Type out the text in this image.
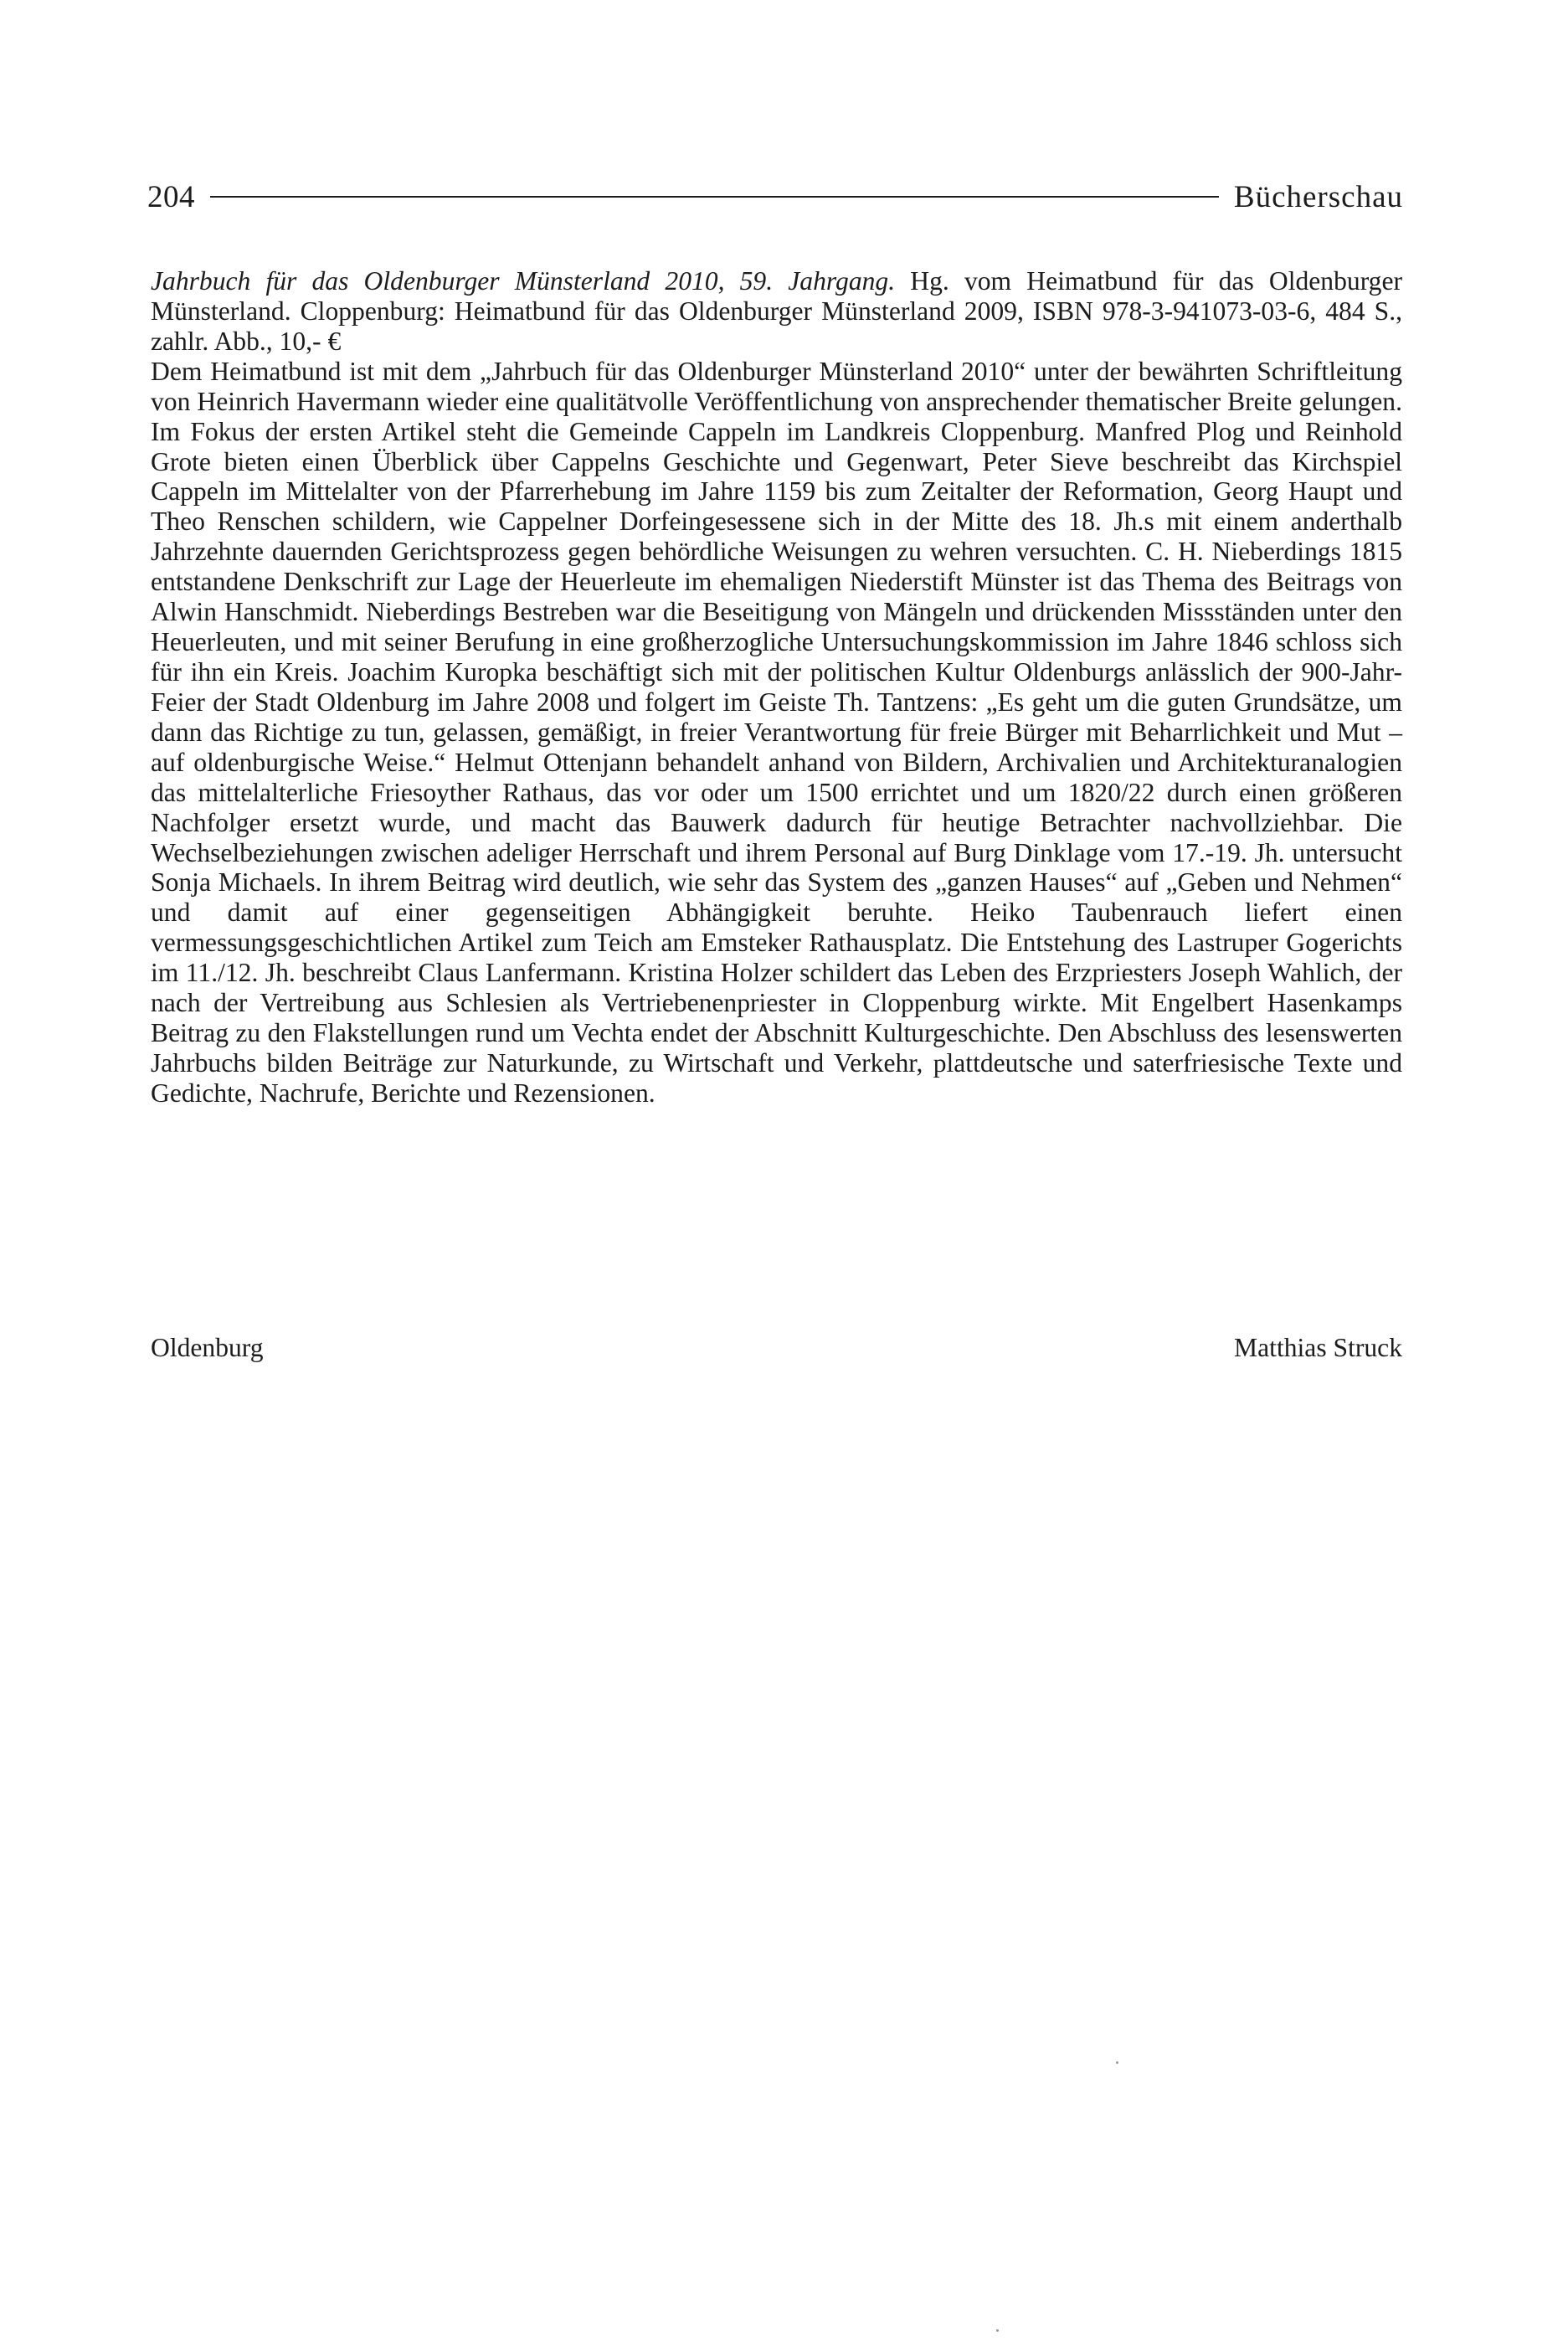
204	Bücherschau

Jahrbuch für das Oldenburger Münsterland 2010, 59. Jahrgang. Hg. vom Heimatbund für das Oldenburger Münsterland. Cloppenburg: Heimatbund für das Oldenburger Münsterland 2009, ISBN 978-3-941073-03-6, 484 S., zahlr. Abb., 10,- €

Dem Heimatbund ist mit dem „Jahrbuch für das Oldenburger Münsterland 2010“ unter der bewährten Schriftleitung von Heinrich Havermann wieder eine qualitätvolle Veröffentlichung von ansprechender thematischer Breite gelungen. Im Fokus der ersten Artikel steht die Gemeinde Cappeln im Landkreis Cloppenburg. Manfred Plog und Reinhold Grote bieten einen Überblick über Cappelns Geschichte und Gegenwart, Peter Sieve beschreibt das Kirchspiel Cappeln im Mittelalter von der Pfarrerhebung im Jahre 1159 bis zum Zeitalter der Reformation, Georg Haupt und Theo Renschen schildern, wie Cappelner Dorfeingesessene sich in der Mitte des 18. Jh.s mit einem anderthalb Jahrzehnte dauernden Gerichtsprozess gegen behördliche Weisungen zu wehren versuchten. C. H. Nieberdings 1815 entstandene Denkschrift zur Lage der Heuerleute im ehemaligen Niederstift Münster ist das Thema des Beitrags von Alwin Hanschmidt. Nieberdings Bestreben war die Beseitigung von Mängeln und drückenden Missständen unter den Heuerleuten, und mit seiner Berufung in eine großherzogliche Untersuchungskommission im Jahre 1846 schloss sich für ihn ein Kreis. Joachim Kuropka beschäftigt sich mit der politischen Kultur Oldenburgs anlässlich der 900-Jahr-Feier der Stadt Oldenburg im Jahre 2008 und folgert im Geiste Th. Tantzens: „Es geht um die guten Grundsätze, um dann das Richtige zu tun, gelassen, gemäßigt, in freier Verantwortung für freie Bürger mit Beharrlichkeit und Mut – auf oldenburgische Weise.“ Helmut Ottenjann behandelt anhand von Bildern, Archivalien und Architekturanalogien das mittelalterliche Friesoyther Rathaus, das vor oder um 1500 errichtet und um 1820/22 durch einen größeren Nachfolger ersetzt wurde, und macht das Bauwerk dadurch für heutige Betrachter nachvollziehbar. Die Wechselbeziehungen zwischen adeliger Herrschaft und ihrem Personal auf Burg Dinklage vom 17.-19. Jh. untersucht Sonja Michaels. In ihrem Beitrag wird deutlich, wie sehr das System des „ganzen Hauses“ auf „Geben und Nehmen“ und damit auf einer gegenseitigen Abhängigkeit beruhte. Heiko Taubenrauch liefert einen vermessungsgeschichtlichen Artikel zum Teich am Emsteker Rathausplatz. Die Entstehung des Lastruper Gogerichts im 11./12. Jh. beschreibt Claus Lanfermann. Kristina Holzer schildert das Leben des Erzpriesters Joseph Wahlich, der nach der Vertreibung aus Schlesien als Vertriebenenpriester in Cloppenburg wirkte. Mit Engelbert Hasenkamps Beitrag zu den Flakstellungen rund um Vechta endet der Abschnitt Kulturgeschichte. Den Abschluss des lesenswerten Jahrbuchs bilden Beiträge zur Naturkunde, zu Wirtschaft und Verkehr, plattdeutsche und saterfriesische Texte und Gedichte, Nachrufe, Berichte und Rezensionen.

Oldenburg	Matthias Struck
